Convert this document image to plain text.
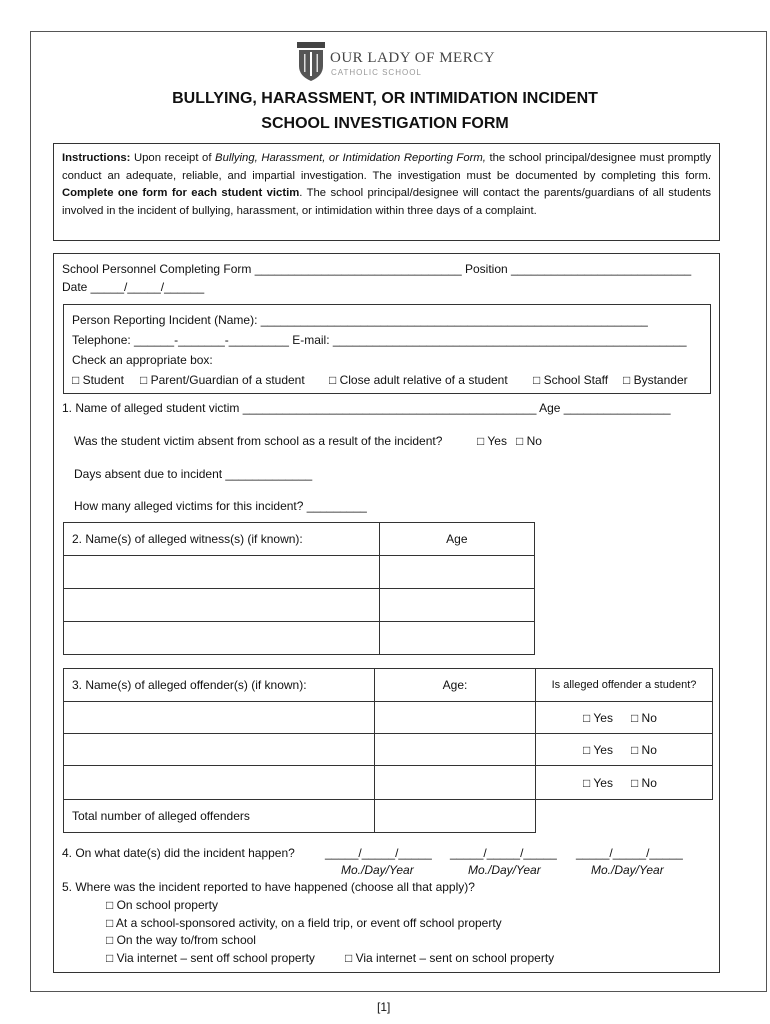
OUR LADY OF MERCY
CATHOLIC SCHOOL
BULLYING, HARASSMENT, OR INTIMIDATION INCIDENT
SCHOOL INVESTIGATION FORM
Instructions: Upon receipt of Bullying, Harassment, or Intimidation Reporting Form, the school principal/designee must promptly conduct an adequate, reliable, and impartial investigation. The investigation must be documented by completing this form. Complete one form for each student victim. The school principal/designee will contact the parents/guardians of all students involved in the incident of bullying, harassment, or intimidation within three days of a complaint.
School Personnel Completing Form _______________________________ Position ___________________________
Date _____/_____/______
Person Reporting Incident (Name): __________________________________________________________
Telephone: ______-_______-_________ E-mail: _____________________________________________________
Check an appropriate box:
□ Student □ Parent/Guardian of a student □ Close adult relative of a student □ School Staff □ Bystander
1. Name of alleged student victim ____________________________________________ Age ________________
Was the student victim absent from school as a result of the incident?	□ Yes □ No
Days absent due to incident _____________
How many alleged victims for this incident? _________
2. Name(s) of alleged witness(s) (if known):	Age

3. Name(s) of alleged offender(s) (if known):	Age:	Is alleged offender a student?
		□ Yes □ No
		□ Yes □ No
		□ Yes □ No
Total number of alleged offenders		
4. On what date(s) did the incident happen?	_____/_____/_____ _____/_____/_____ _____/_____/_____
Mo./Day/Year	Mo./Day/Year	Mo./Day/Year
5. Where was the incident reported to have happened (choose all that apply)?
□ On school property
□ At a school-sponsored activity, on a field trip, or event off school property
□ On the way to/from school
□ Via internet – sent off school property	□ Via internet – sent on school property
[1]
